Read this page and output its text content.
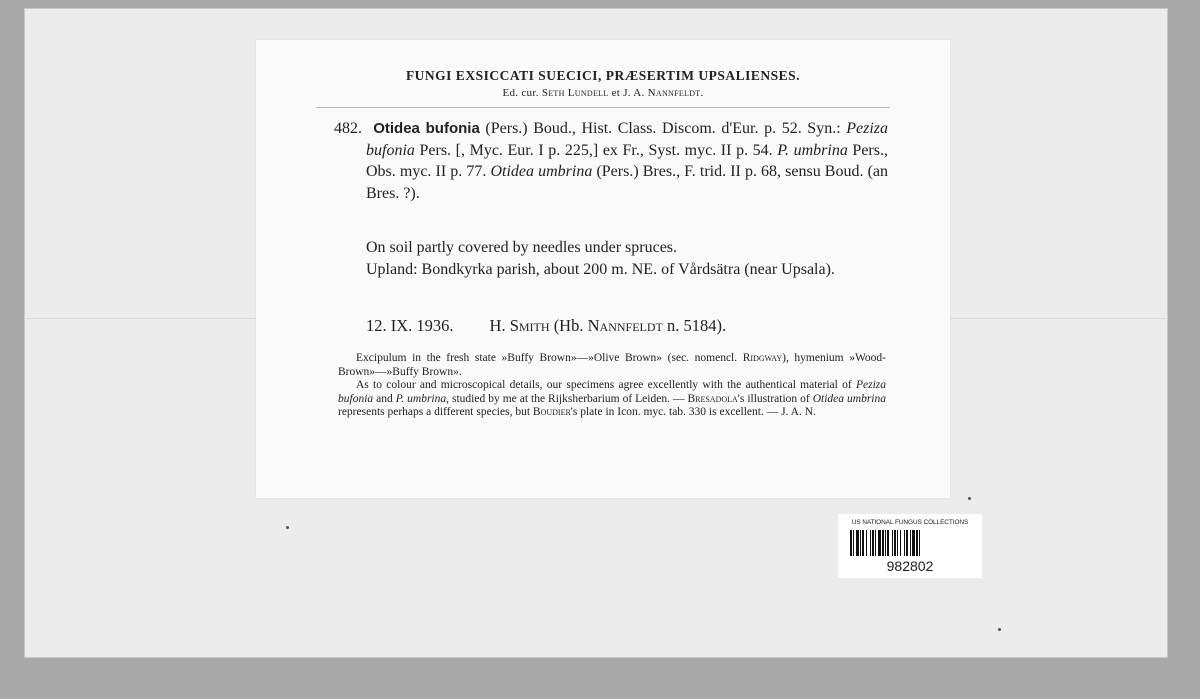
FUNGI EXSICCATI SUECICI, PRÆSERTIM UPSALIENSES.
Ed. cur. Seth Lundell et J. A. Nannfeldt.
482. Otidea bufonia (Pers.) Boud., Hist. Class. Discom. d'Eur. p. 52. Syn.: Peziza bufonia Pers. [, Myc. Eur. I p. 225,] ex Fr., Syst. myc. II p. 54. P. umbrina Pers., Obs. myc. II p. 77. Otidea umbrina (Pers.) Bres., F. trid. II p. 68, sensu Boud. (an Bres. ?).
On soil partly covered by needles under spruces.
Upland: Bondkyrka parish, about 200 m. NE. of Vårdsätra (near Upsala).
12. IX. 1936. H. Smith (Hb. Nannfeldt n. 5184).

Excipulum in the fresh state »Buffy Brown»—»Olive Brown» (sec. nomencl. Ridgway), hymenium »Wood-Brown»—»Buffy Brown».

As to colour and microscopical details, our specimens agree excellently with the authentical material of Peziza bufonia and P. umbrina, studied by me at the Rijksherbarium of Leiden. — Bresadola's illustration of Otidea umbrina represents perhaps a different species, but Boudier's plate in Icon. myc. tab. 330 is excellent. — J. A. N.

US NATIONAL FUNGUS COLLECTIONS
982802
